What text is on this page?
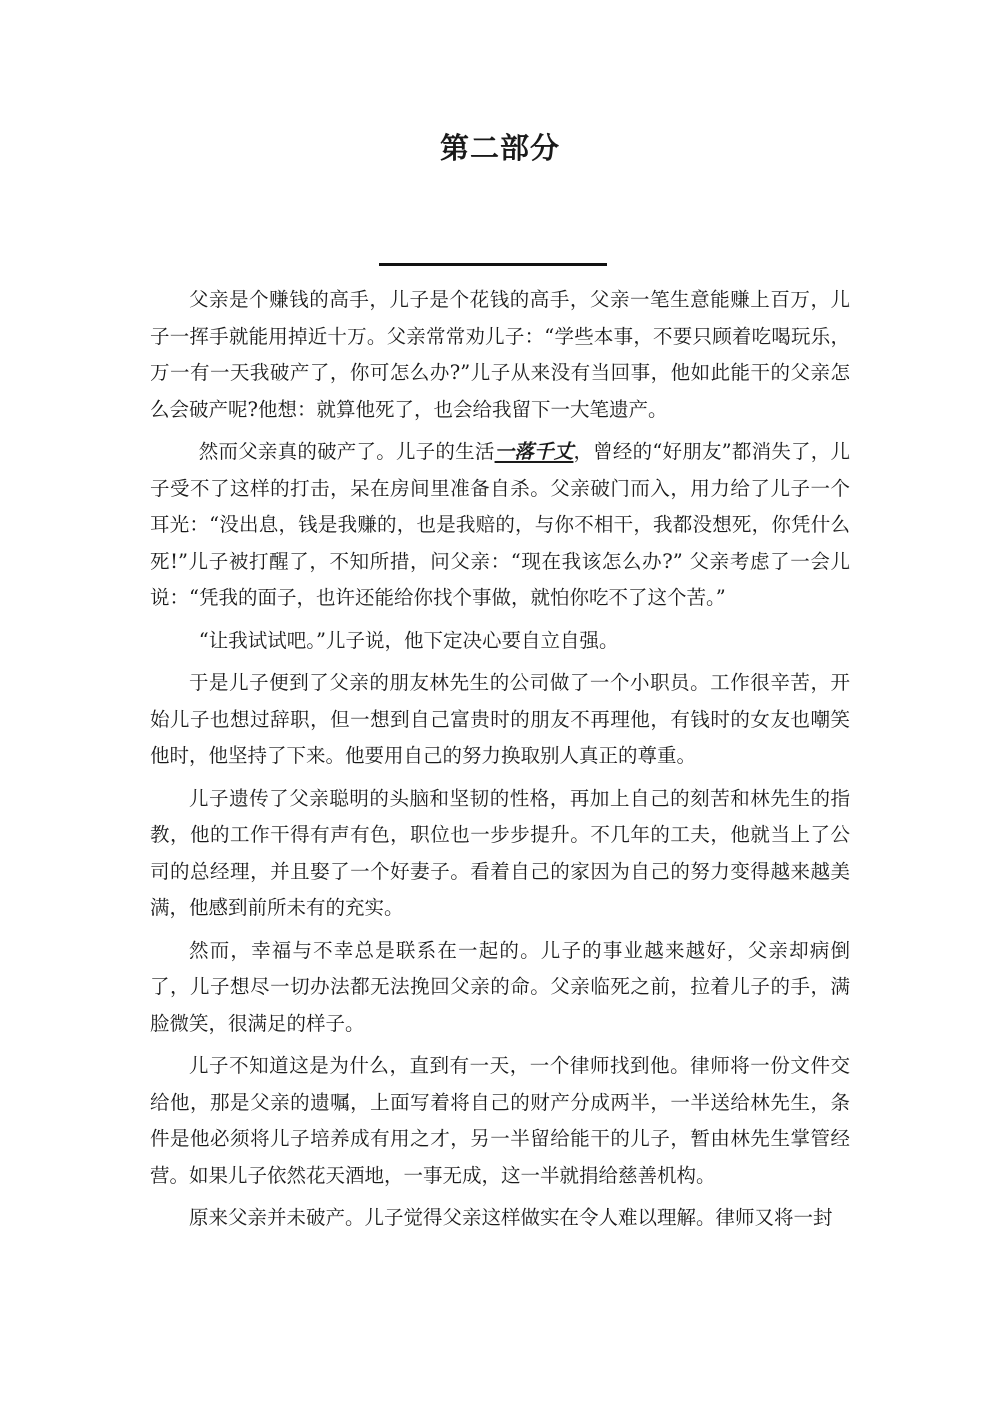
第二部分

父亲是个赚钱的高手，儿子是个花钱的高手，父亲一笔生意能赚上百万，儿子一挥手就能用掉近十万。父亲常常劝儿子：“学些本事，不要只顾着吃喝玩乐，万一有一天我破产了，你可怎么办?”儿子从来没有当回事，他如此能干的父亲怎么会破产呢?他想：就算他死了，也会给我留下一大笔遗产。

然而父亲真的破产了。儿子的生活一落千丈，曾经的“好朋友”都消失了，儿子受不了这样的打击，呆在房间里准备自杀。父亲破门而入，用力给了儿子一个耳光：“没出息，钱是我赚的，也是我赔的，与你不相干，我都没想死，你凭什么死!”儿子被打醒了，不知所措，问父亲：“现在我该怎么办?” 父亲考虑了一会儿说：“凭我的面子，也许还能给你找个事做，就怕你吃不了这个苦。”

“让我试试吧。”儿子说，他下定决心要自立自强。

于是儿子便到了父亲的朋友林先生的公司做了一个小职员。工作很辛苦，开始儿子也想过辞职，但一想到自己富贵时的朋友不再理他，有钱时的女友也嘲笑他时，他坚持了下来。他要用自己的努力换取别人真正的尊重。

儿子遗传了父亲聪明的头脑和坚韧的性格，再加上自己的刻苦和林先生的指教，他的工作干得有声有色，职位也一步步提升。不几年的工夫，他就当上了公司的总经理，并且娶了一个好妻子。看着自己的家因为自己的努力变得越来越美满，他感到前所未有的充实。

然而，幸福与不幸总是联系在一起的。儿子的事业越来越好，父亲却病倒了，儿子想尽一切办法都无法挽回父亲的命。父亲临死之前，拉着儿子的手，满脸微笑，很满足的样子。

儿子不知道这是为什么，直到有一天，一个律师找到他。律师将一份文件交给他，那是父亲的遗嘱，上面写着将自己的财产分成两半，一半送给林先生，条件是他必须将儿子培养成有用之才，另一半留给能干的儿子，暂由林先生掌管经营。如果儿子依然花天酒地，一事无成，这一半就捐给慈善机构。

原来父亲并未破产。儿子觉得父亲这样做实在令人难以理解。律师又将一封
